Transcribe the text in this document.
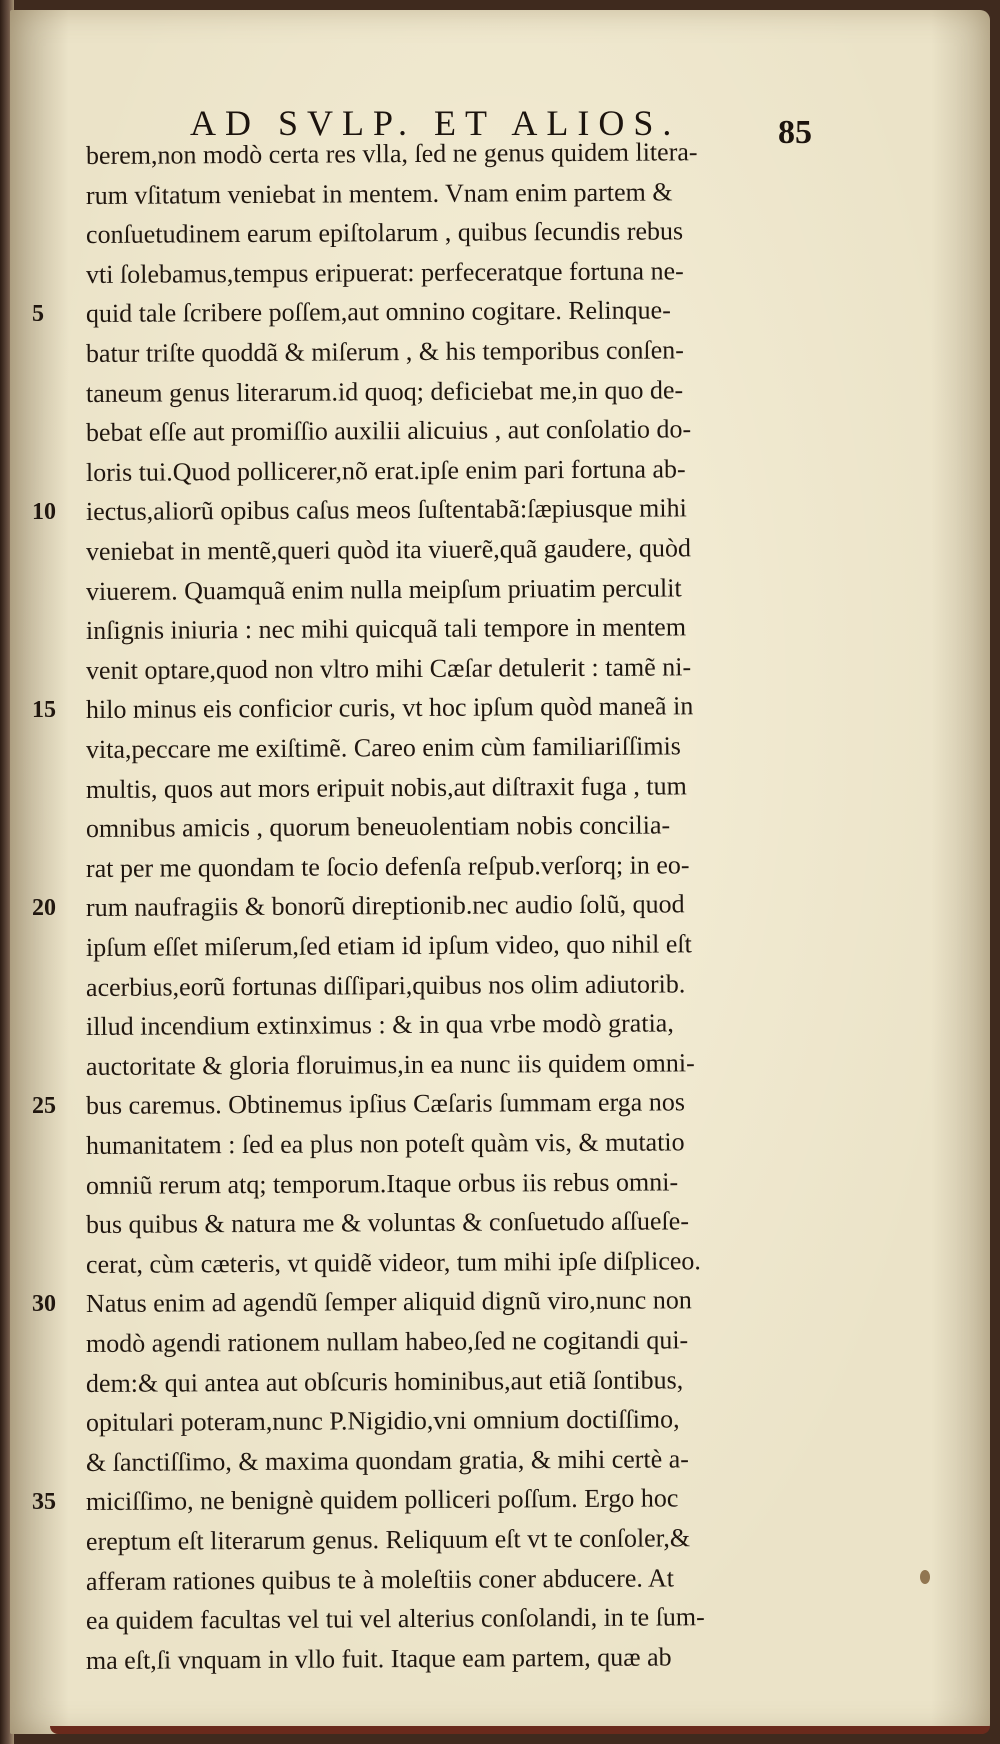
AD SVLP. ET ALIOS.	85
berem,non modò certa res vlla, ſed ne genus quidem litera-
rum vſitatum veniebat in mentem. Vnam enim partem &
conſuetudinem earum epiſtolarum , quibus ſecundis rebus
vti ſolebamus,tempus eripuerat: perfeceratque fortuna ne-
quid tale ſcribere poſſem,aut omnino cogitare. Relinque-
batur triſte quoddã & miſerum , & his temporibus conſen-
taneum genus literarum.id quoq; deficiebat me,in quo de-
bebat eſſe aut promiſſio auxilii alicuius , aut conſolatio do-
loris tui.Quod pollicerer,nõ erat.ipſe enim pari fortuna ab-
iectus,aliorũ opibus caſus meos ſuſtentabã:ſæpiusque mihi
veniebat in mentẽ,queri quòd ita viuerẽ,quã gaudere, quòd
viuerem. Quamquã enim nulla meipſum priuatim perculit
inſignis iniuria : nec mihi quicquã tali tempore in mentem
venit optare,quod non vltro mihi Cæſar detulerit : tamẽ ni-
hilo minus eis conficior curis, vt hoc ipſum quòd maneã in
vita,peccare me exiſtimẽ. Careo enim cùm familiariſſimis
multis, quos aut mors eripuit nobis,aut diſtraxit fuga , tum
omnibus amicis , quorum beneuolentiam nobis concilia-
rat per me quondam te ſocio defenſa reſpub.verſorq; in eo-
rum naufragiis & bonorũ direptionib.nec audio ſolũ, quod
ipſum eſſet miſerum,ſed etiam id ipſum video, quo nihil eſt
acerbius,eorũ fortunas diſſipari,quibus nos olim adiutorib.
illud incendium extinximus : & in qua vrbe modò gratia,
auctoritate & gloria floruimus,in ea nunc iis quidem omni-
bus caremus. Obtinemus ipſius Cæſaris ſummam erga nos
humanitatem : ſed ea plus non poteſt quàm vis, & mutatio
omniũ rerum atq; temporum.Itaque orbus iis rebus omni-
bus quibus & natura me & voluntas & conſuetudo aſſueſe-
cerat, cùm cæteris, vt quidẽ videor, tum mihi ipſe diſpliceo.
Natus enim ad agendũ ſemper aliquid dignũ viro,nunc non
modò agendi rationem nullam habeo,ſed ne cogitandi qui-
dem:& qui antea aut obſcuris hominibus,aut etiã ſontibus,
opitulari poteram,nunc P.Nigidio,vni omnium doctiſſimo,
& ſanctiſſimo, & maxima quondam gratia, & mihi certè a-
miciſſimo, ne benignè quidem polliceri poſſum. Ergo hoc
ereptum eſt literarum genus. Reliquum eſt vt te conſoler,&
afferam rationes quibus te à moleſtiis coner abducere. At
ea quidem facultas vel tui vel alterius conſolandi, in te ſum-
ma eſt,ſi vnquam in vllo fuit. Itaque eam partem, quæ ab
5
10
15
20
25
30
35
